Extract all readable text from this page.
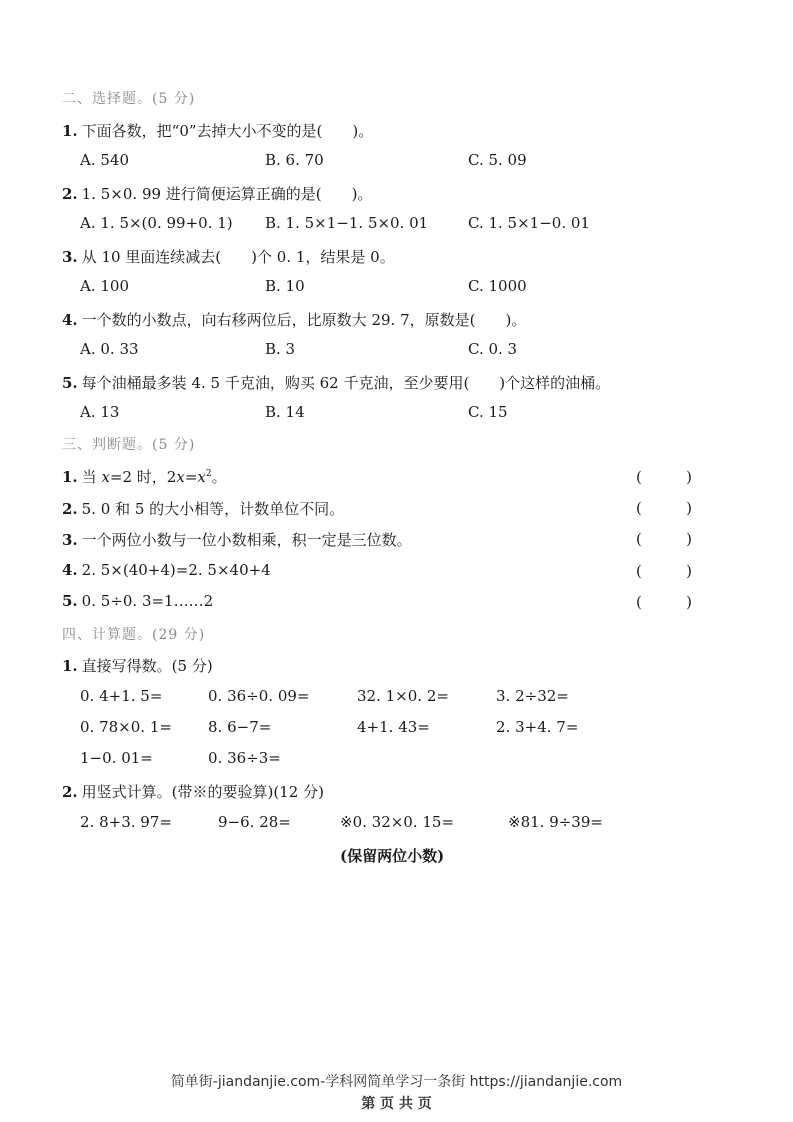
二、选择题。(5 分)
1. 下面各数，把“0”去掉大小不变的是(　　)。
A. 540	B. 6. 70	C. 5. 09
2. 1. 5×0. 99 进行简便运算正确的是(　　)。
A. 1. 5×(0. 99+0. 1) B. 1. 5×1−1. 5×0. 01	C. 1. 5×1−0. 01
3. 从 10 里面连续减去(　　)个 0. 1，结果是 0。
A. 100	B. 10	C. 1000
4. 一个数的小数点，向右移两位后，比原数大 29. 7，原数是(　　)。
A. 0. 33	B. 3	C. 0. 3
5. 每个油桶最多装 4. 5 千克油，购买 62 千克油，至少要用(　　)个这样的油桶。
A. 13	B. 14	C. 15
三、判断题。(5 分)
1. 当 x=2 时，$2x=x^2$。	(	)
2. 5. 0 和 5 的大小相等，计数单位不同。	(	)
3. 一个两位小数与一位小数相乘，积一定是三位数。	(	)
4. 2. 5×(40+4)=2. 5×40+4	(	)
5. 0. 5÷0. 3=1……2	(	)
四、计算题。(29 分)
1. 直接写得数。(5 分)
0. 4+1. 5=	0. 36÷0. 09=	32. 1×0. 2=	3. 2÷32=
0. 78×0. 1= 8. 6−7=	4+1. 43=	2. 3+4. 7=
1−0. 01=	0. 36÷3=
2. 用竖式计算。(带※的要验算)(12 分)
2. 8+3. 97=	9−6. 28=	※0. 32×0. 15=	※81. 9÷39=
(保留两位小数)
简单街-jiandanjie.com-学科网简单学习一条街 https://jiandanjie.com
第 页 共 页
